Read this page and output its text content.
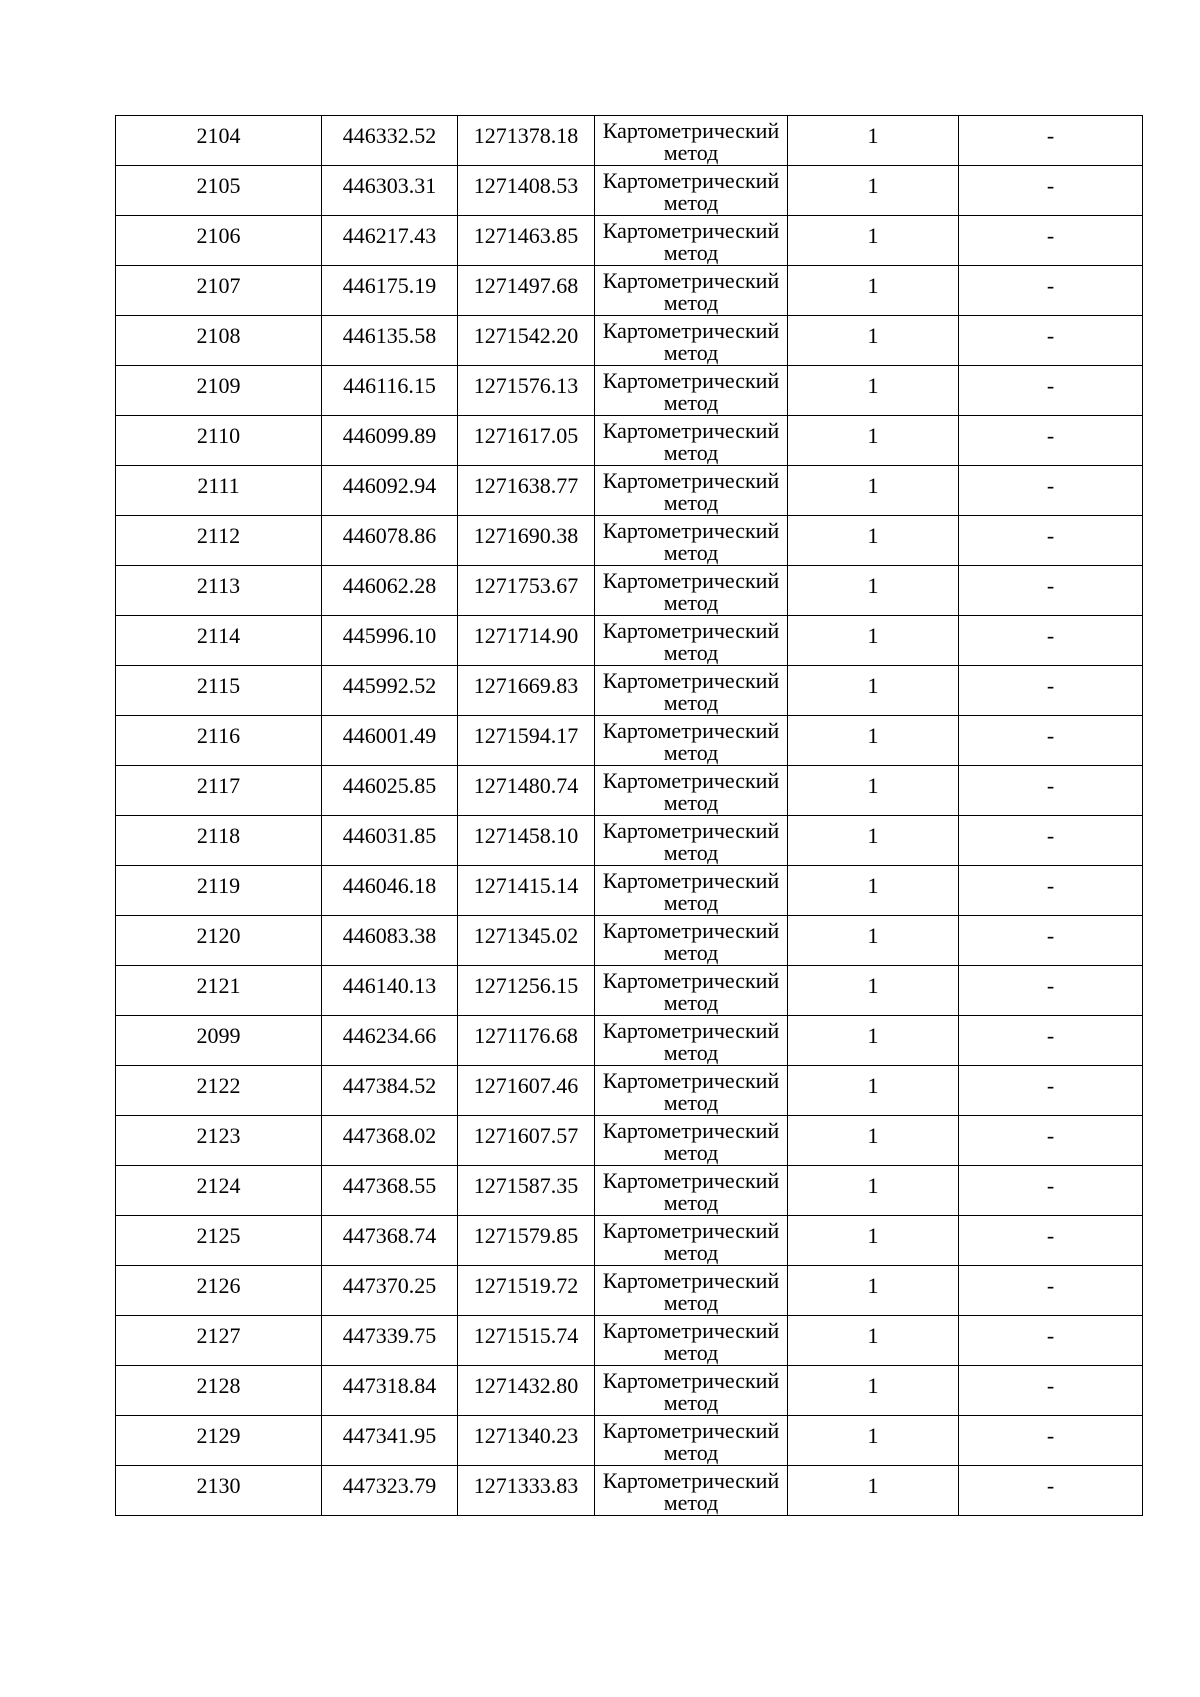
2104	446332.52	1271378.18	Картометрический метод	1	-

2105	446303.31	1271408.53	Картометрический метод	1	-

2106	446217.43	1271463.85	Картометрический метод	1	-

2107	446175.19	1271497.68	Картометрический метод	1	-

2108	446135.58	1271542.20	Картометрический метод	1	-

2109	446116.15	1271576.13	Картометрический метод	1	-

2110	446099.89	1271617.05	Картометрический метод	1	-

2111	446092.94	1271638.77	Картометрический метод	1	-

2112	446078.86	1271690.38	Картометрический метод	1	-

2113	446062.28	1271753.67	Картометрический метод	1	-

2114	445996.10	1271714.90	Картометрический метод	1	-

2115	445992.52	1271669.83	Картометрический метод	1	-

2116	446001.49	1271594.17	Картометрический метод	1	-

2117	446025.85	1271480.74	Картометрический метод	1	-

2118	446031.85	1271458.10	Картометрический метод	1	-

2119	446046.18	1271415.14	Картометрический метод	1	-

2120	446083.38	1271345.02	Картометрический метод	1	-

2121	446140.13	1271256.15	Картометрический метод	1	-

2099	446234.66	1271176.68	Картометрический метод	1	-

2122	447384.52	1271607.46	Картометрический метод	1	-

2123	447368.02	1271607.57	Картометрический метод	1	-

2124	447368.55	1271587.35	Картометрический метод	1	-

2125	447368.74	1271579.85	Картометрический метод	1	-

2126	447370.25	1271519.72	Картометрический метод	1	-

2127	447339.75	1271515.74	Картометрический метод	1	-

2128	447318.84	1271432.80	Картометрический метод	1	-

2129	447341.95	1271340.23	Картометрический метод	1	-

2130	447323.79	1271333.83	Картометрический метод	1	-
